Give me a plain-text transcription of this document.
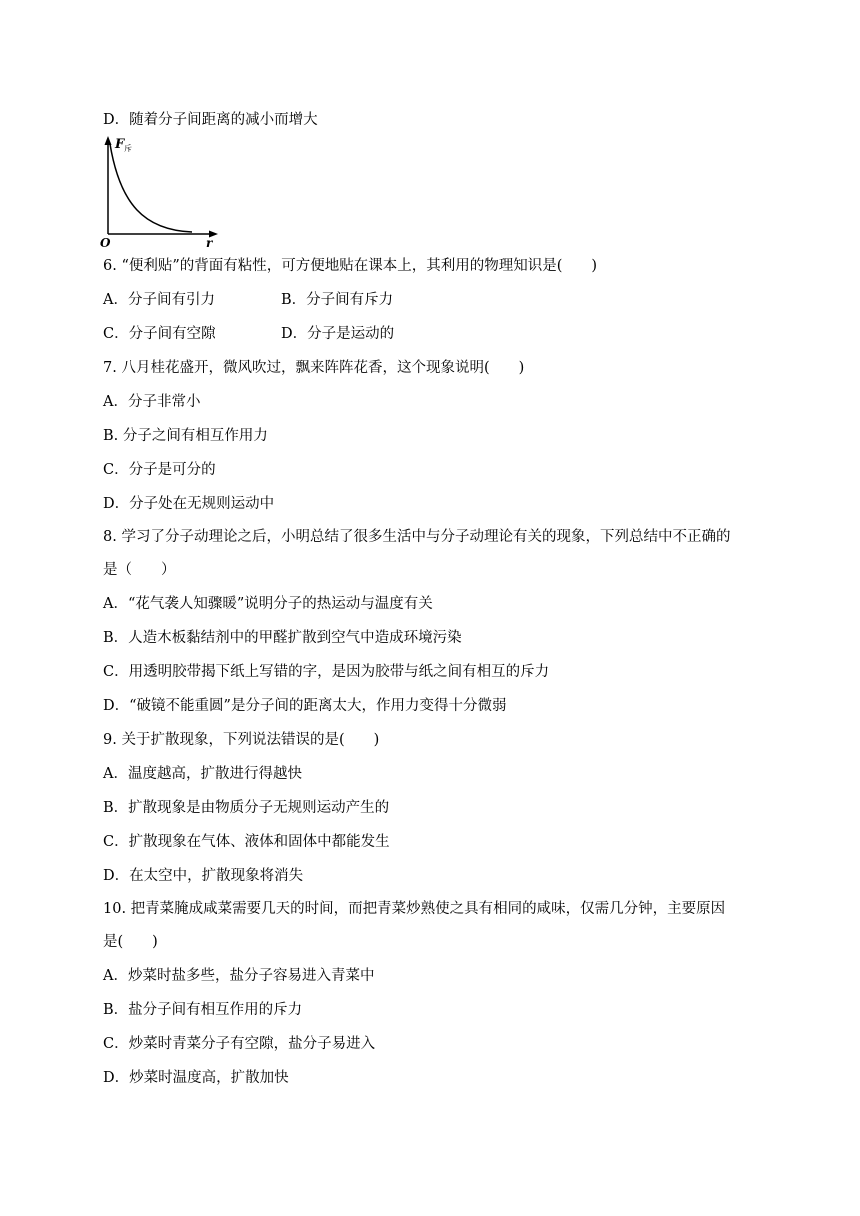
D．随着分子间距离的减小而增大
F 斥
O	r
6. “便利贴”的背面有粘性，可方便地贴在课本上，其利用的物理知识是(　　)
A．分子间有引力	B．分子间有斥力
C．分子间有空隙	D．分子是运动的
7. 八月桂花盛开，微风吹过，飘来阵阵花香，这个现象说明(　　)
A．分子非常小
B. 分子之间有相互作用力
C．分子是可分的
D．分子处在无规则运动中
8. 学习了分子动理论之后，小明总结了很多生活中与分子动理论有关的现象，下列总结中不正确的
是（　　）
A．“花气袭人知骤暖”说明分子的热运动与温度有关
B．人造木板黏结剂中的甲醛扩散到空气中造成环境污染
C．用透明胶带揭下纸上写错的字，是因为胶带与纸之间有相互的斥力
D．“破镜不能重圆”是分子间的距离太大，作用力变得十分微弱
9. 关于扩散现象，下列说法错误的是(　　)
A．温度越高，扩散进行得越快
B．扩散现象是由物质分子无规则运动产生的
C．扩散现象在气体、液体和固体中都能发生
D．在太空中，扩散现象将消失
10. 把青菜腌成咸菜需要几天的时间，而把青菜炒熟使之具有相同的咸味，仅需几分钟，主要原因
是(　　)
A．炒菜时盐多些，盐分子容易进入青菜中
B．盐分子间有相互作用的斥力
C．炒菜时青菜分子有空隙，盐分子易进入
D．炒菜时温度高，扩散加快
